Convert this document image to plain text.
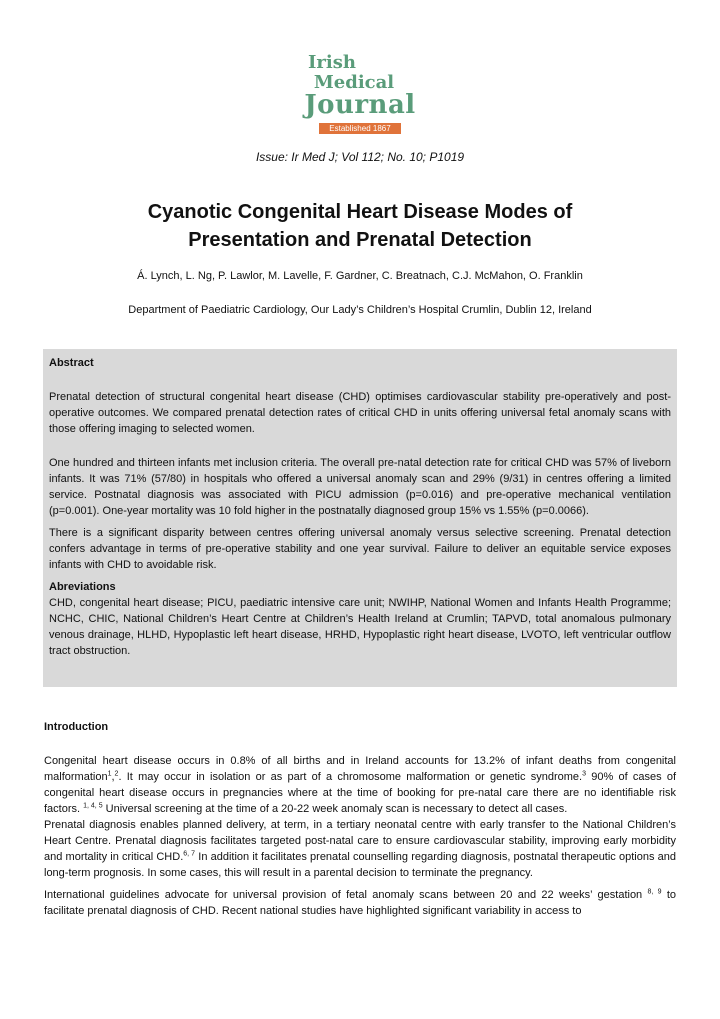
Irish
Medical
Journal
Established 1867
Issue: Ir Med J; Vol 112; No. 10; P1019
Cyanotic Congenital Heart Disease Modes of Presentation and Prenatal Detection
Á. Lynch, L. Ng, P. Lawlor, M. Lavelle, F. Gardner, C. Breatnach, C.J. McMahon, O. Franklin
Department of Paediatric Cardiology, Our Lady’s Children’s Hospital Crumlin, Dublin 12, Ireland

Abstract

Prenatal detection of structural congenital heart disease (CHD) optimises cardiovascular stability pre-operatively and post-operative outcomes. We compared prenatal detection rates of critical CHD in units offering universal fetal anomaly scans with those offering imaging to selected women.

One hundred and thirteen infants met inclusion criteria. The overall pre-natal detection rate for critical CHD was 57% of liveborn infants. It was 71% (57/80) in hospitals who offered a universal anomaly scan and 29% (9/31) in centres offering a limited service. Postnatal diagnosis was associated with PICU admission (p=0.016) and pre-operative mechanical ventilation (p=0.001). One-year mortality was 10 fold higher in the postnatally diagnosed group 15% vs 1.55% (p=0.0066).

There is a significant disparity between centres offering universal anomaly versus selective screening. Prenatal detection confers advantage in terms of pre-operative stability and one year survival. Failure to deliver an equitable service exposes infants with CHD to avoidable risk.

Abreviations

CHD, congenital heart disease; PICU, paediatric intensive care unit; NWIHP, National Women and Infants Health Programme; NCHC, CHIC, National Children’s Heart Centre at Children’s Health Ireland at Crumlin; TAPVD, total anomalous pulmonary venous drainage, HLHD, Hypoplastic left heart disease, HRHD, Hypoplastic right heart disease, LVOTO, left ventricular outflow tract obstruction.

Introduction

Congenital heart disease occurs in 0.8% of all births and in Ireland accounts for 13.2% of infant deaths from congenital malformation$^1$,$^2$. It may occur in isolation or as part of a chromosome malformation or genetic syndrome.$^3$ 90% of cases of congenital heart disease occurs in pregnancies where at the time of booking for pre-natal care there are no identifiable risk factors. $^{1, 4, 5}$ Universal screening at the time of a 20-22 week anomaly scan is necessary to detect all cases.

Prenatal diagnosis enables planned delivery, at term, in a tertiary neonatal centre with early transfer to the National Children’s Heart Centre. Prenatal diagnosis facilitates targeted post-natal care to ensure cardiovascular stability, improving early morbidity and mortality in critical CHD.$^{6, 7}$ In addition it facilitates prenatal counselling regarding diagnosis, postnatal therapeutic options and long-term prognosis. In some cases, this will result in a parental decision to terminate the pregnancy.

International guidelines advocate for universal provision of fetal anomaly scans between 20 and 22 weeks’ gestation $^{8, 9}$ to facilitate prenatal diagnosis of CHD. Recent national studies have highlighted significant variability in access to
